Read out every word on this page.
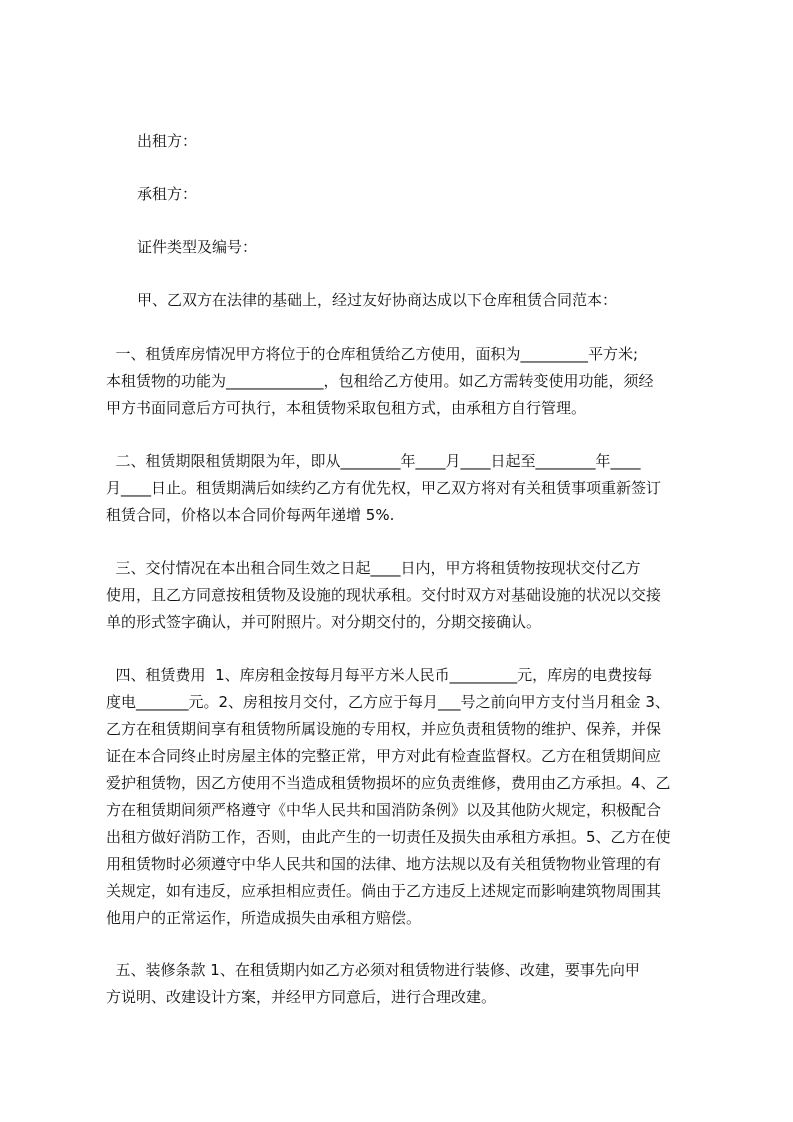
出租方：

承租方：

证件类型及编号：

甲、乙双方在法律的基础上，经过友好协商达成以下仓库租赁合同范本：

一、租赁库房情况甲方将位于的仓库租赁给乙方使用，面积为_________平方米;
本租赁物的功能为_____________，包租给乙方使用。如乙方需转变使用功能，须经
甲方书面同意后方可执行，本租赁物采取包租方式，由承租方自行管理。
二、租赁期限租赁期限为年，即从________年____月____日起至________年____
月____日止。租赁期满后如续约乙方有优先权，甲乙双方将对有关租赁事项重新签订
租赁合同，价格以本合同价每两年递增 5%.
三、交付情况在本出租合同生效之日起____日内，甲方将租赁物按现状交付乙方
使用，且乙方同意按租赁物及设施的现状承租。交付时双方对基础设施的状况以交接
单的形式签字确认，并可附照片。对分期交付的，分期交接确认。
四、租赁费用  1、库房租金按每月每平方米人民币_________元，库房的电费按每
度电_______元。2、房租按月交付，乙方应于每月___号之前向甲方支付当月租金 3、
乙方在租赁期间享有租赁物所属设施的专用权，并应负责租赁物的维护、保养，并保
证在本合同终止时房屋主体的完整正常，甲方对此有检查监督权。乙方在租赁期间应
爱护租赁物，因乙方使用不当造成租赁物损坏的应负责维修，费用由乙方承担。4、乙
方在租赁期间须严格遵守《中华人民共和国消防条例》以及其他防火规定，积极配合
出租方做好消防工作，否则，由此产生的一切责任及损失由承租方承担。5、乙方在使
用租赁物时必须遵守中华人民共和国的法律、地方法规以及有关租赁物物业管理的有
关规定，如有违反，应承担相应责任。倘由于乙方违反上述规定而影响建筑物周围其
他用户的正常运作，所造成损失由承租方赔偿。
五、装修条款 1、在租赁期内如乙方必须对租赁物进行装修、改建，要事先向甲
方说明、改建设计方案，并经甲方同意后，进行合理改建。
